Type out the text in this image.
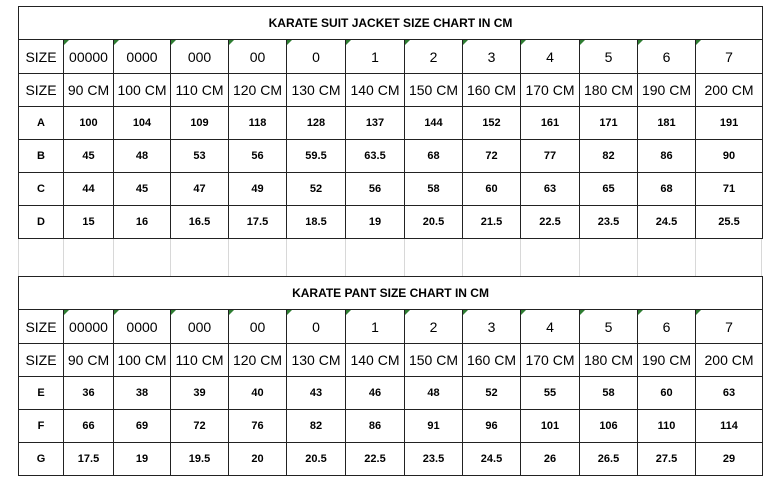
KARATE SUIT JACKET SIZE CHART IN CM												
SIZE	00000	0000	000	00	0	1	2	3	4	5	6	7
SIZE	90 CM	100 CM	110 CM	120 CM	130 CM	140 CM	150 CM	160 CM	170 CM	180 CM	190 CM	200 CM
A	100	104	109	118	128	137	144	152	161	171	181	191
B	45	48	53	56	59.5	63.5	68	72	77	82	86	90
C	44	45	47	49	52	56	58	60	63	65	68	71
D	15	16	16.5	17.5	18.5	19	20.5	21.5	22.5	23.5	24.5	25.5
KARATE PANT SIZE CHART IN CM												
SIZE	00000	0000	000	00	0	1	2	3	4	5	6	7
SIZE	90 CM	100 CM	110 CM	120 CM	130 CM	140 CM	150 CM	160 CM	170 CM	180 CM	190 CM	200 CM
E	36	38	39	40	43	46	48	52	55	58	60	63
F	66	69	72	76	82	86	91	96	101	106	110	114
G	17.5	19	19.5	20	20.5	22.5	23.5	24.5	26	26.5	27.5	29
